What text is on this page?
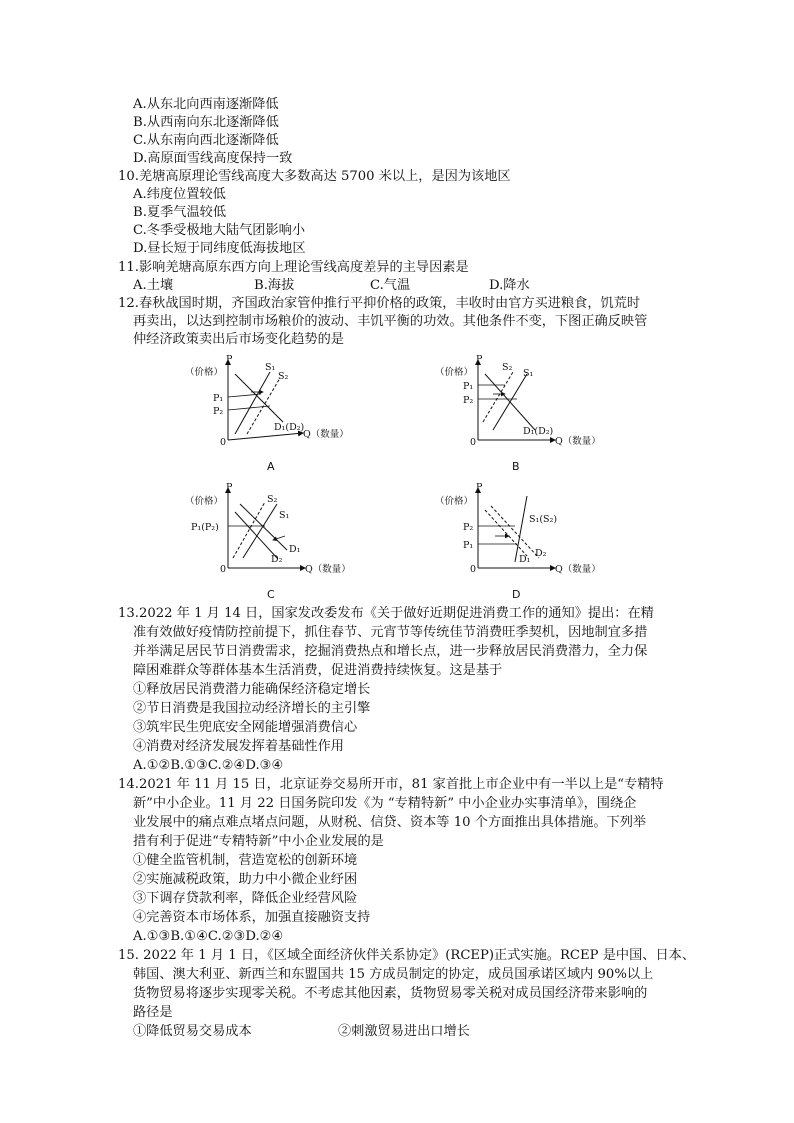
A.从东北向西南逐渐降低
B.从西南向东北逐渐降低
C.从东南向西北逐渐降低
D.高原面雪线高度保持一致
10.羌塘高原理论雪线高度大多数高达 5700 米以上，是因为该地区
A.纬度位置较低
B.夏季气温较低
C.冬季受极地大陆气团影响小
D.昼长短于同纬度低海拔地区
11.影响羌塘高原东西方向上理论雪线高度差异的主导因素是
A.土壤	B.海拔	C.气温	D.降水
12.春秋战国时期，齐国政治家管仲推行平抑价格的政策，丰收时由官方买进粮食，饥荒时
再卖出，以达到控制市场粮价的波动、丰饥平衡的功效。其他条件不变，下图正确反映管
仲经济政策卖出后市场变化趋势的是
P
（价格）
0
Q（数量）
P₁
P₂
S₁
S₂
D₁(D₂)
A
P
（价格）
0	Q（数量）
P₁
P₂
S₂
S₁
D₁(D₂)
B
P
（价格）
0	Q（数量）
P₁(P₂)
S₂
S₁
D₁
D₂
C
P
（价格）
0	Q（数量）
P₂
P₁
S₁(S₂)
D₁
D₂
D
13.2022 年 1 月 14 日，国家发改委发布《关于做好近期促进消费工作的通知》提出：在精
准有效做好疫情防控前提下，抓住春节、元宵节等传统佳节消费旺季契机，因地制宜多措
并举满足居民节日消费需求，挖掘消费热点和增长点，进一步释放居民消费潜力，全力保
障困难群众等群体基本生活消费，促进消费持续恢复。这是基于
①释放居民消费潜力能确保经济稳定增长
②节日消费是我国拉动经济增长的主引擎
③筑牢民生兜底安全网能增强消费信心
④消费对经济发展发挥着基础性作用
A.①②B.①③C.②④D.③④
14.2021 年 11 月 15 日，北京证券交易所开市，81 家首批上市企业中有一半以上是“专精特
新”中小企业。11 月 22 日国务院印发《为 “专精特新” 中小企业办实事清单》，围绕企
业发展中的痛点难点堵点问题，从财税、信贷、资本等 10 个方面推出具体措施。下列举
措有利于促进“专精特新”中小企业发展的是
①健全监管机制，营造宽松的创新环境
②实施减税政策，助力中小微企业纾困
③下调存贷款利率，降低企业经营风险
④完善资本市场体系，加强直接融资支持
A.①③B.①④C.②③D.②④
15. 2022 年 1 月 1 日，《区域全面经济伙伴关系协定》(RCEP)正式实施。RCEP 是中国、日本、
韩国、澳大利亚、新西兰和东盟国共 15 方成员制定的协定，成员国承诺区域内 90%以上
货物贸易将逐步实现零关税。不考虑其他因素，货物贸易零关税对成员国经济带来影响的
路径是
①降低贸易交易成本	②刺激贸易进出口增长
